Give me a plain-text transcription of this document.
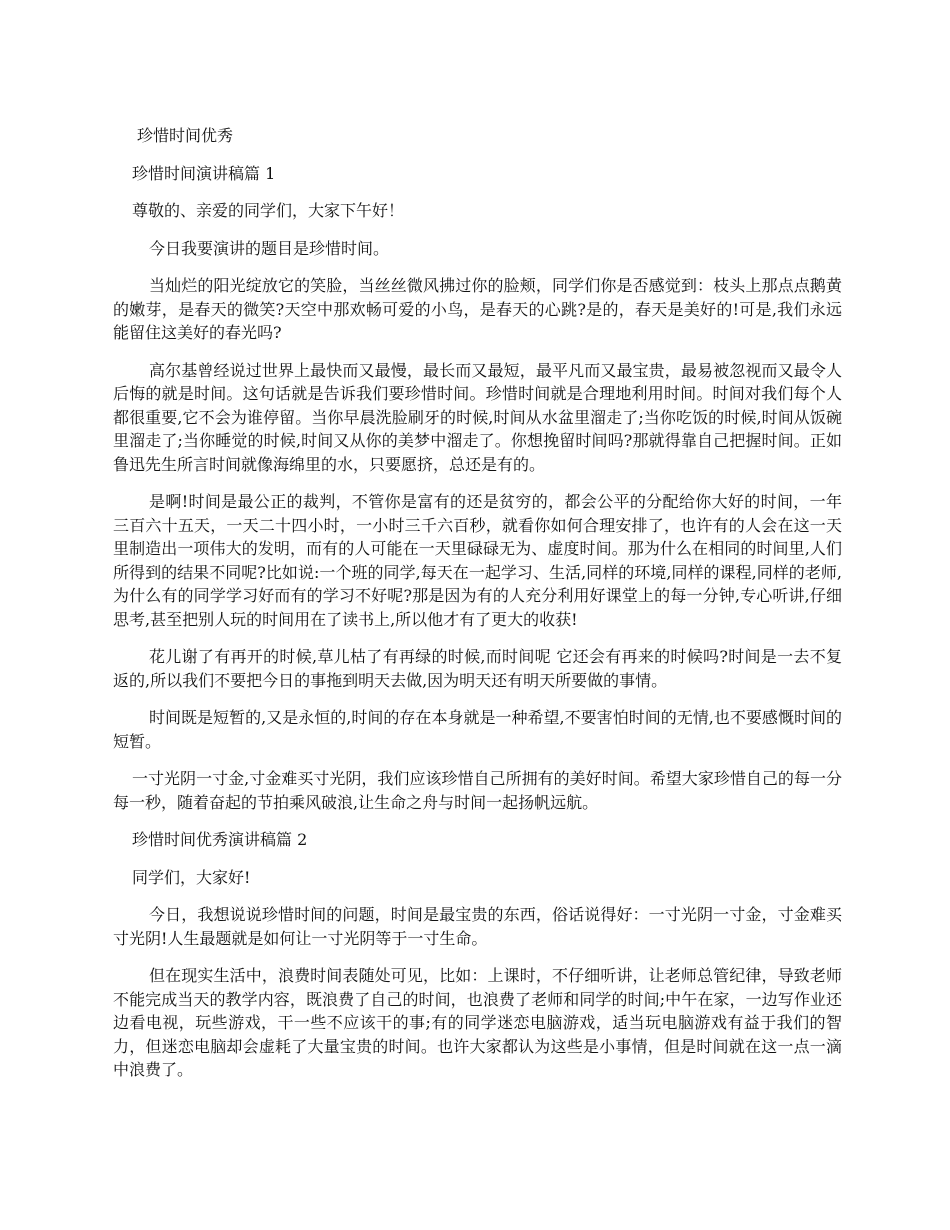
珍惜时间优秀

珍惜时间演讲稿篇 1

尊敬的、亲爱的同学们，大家下午好！

今日我要演讲的题目是珍惜时间。

当灿烂的阳光绽放它的笑脸，当丝丝微风拂过你的脸颊，同学们你是否感觉到：枝头上那点点鹅黄的嫩芽，是春天的微笑?天空中那欢畅可爱的小鸟，是春天的心跳?是的，春天是美好的!可是,我们永远能留住这美好的春光吗?

高尔基曾经说过世界上最快而又最慢，最长而又最短，最平凡而又最宝贵，最易被忽视而又最令人后悔的就是时间。这句话就是告诉我们要珍惜时间。珍惜时间就是合理地利用时间。时间对我们每个人都很重要,它不会为谁停留。当你早晨洗脸刷牙的时候,时间从水盆里溜走了;当你吃饭的时候,时间从饭碗里溜走了;当你睡觉的时候,时间又从你的美梦中溜走了。你想挽留时间吗?那就得靠自己把握时间。正如鲁迅先生所言时间就像海绵里的水，只要愿挤，总还是有的。

是啊!时间是最公正的裁判，不管你是富有的还是贫穷的，都会公平的分配给你大好的时间，一年三百六十五天，一天二十四小时，一小时三千六百秒，就看你如何合理安排了，也许有的人会在这一天里制造出一项伟大的发明，而有的人可能在一天里碌碌无为、虚度时间。那为什么在相同的时间里,人们所得到的结果不同呢?比如说:一个班的同学,每天在一起学习、生活,同样的环境,同样的课程,同样的老师,为什么有的同学学习好而有的学习不好呢?那是因为有的人充分利用好课堂上的每一分钟,专心听讲,仔细思考,甚至把别人玩的时间用在了读书上,所以他才有了更大的收获!

花儿谢了有再开的时候,草儿枯了有再绿的时候,而时间呢 它还会有再来的时候吗?时间是一去不复返的,所以我们不要把今日的事拖到明天去做,因为明天还有明天所要做的事情。

时间既是短暂的,又是永恒的,时间的存在本身就是一种希望,不要害怕时间的无情,也不要感慨时间的短暂。

一寸光阴一寸金,寸金难买寸光阴，我们应该珍惜自己所拥有的美好时间。希望大家珍惜自己的每一分每一秒，随着奋起的节拍乘风破浪,让生命之舟与时间一起扬帆远航。

珍惜时间优秀演讲稿篇 2

同学们，大家好!

今日，我想说说珍惜时间的问题，时间是最宝贵的东西，俗话说得好：一寸光阴一寸金，寸金难买寸光阴!人生最题就是如何让一寸光阴等于一寸生命。

但在现实生活中，浪费时间表随处可见，比如：上课时，不仔细听讲，让老师总管纪律，导致老师不能完成当天的教学内容，既浪费了自己的时间，也浪费了老师和同学的时间;中午在家，一边写作业还边看电视，玩些游戏，干一些不应该干的事;有的同学迷恋电脑游戏，适当玩电脑游戏有益于我们的智力，但迷恋电脑却会虚耗了大量宝贵的时间。也许大家都认为这些是小事情，但是时间就在这一点一滴中浪费了。
